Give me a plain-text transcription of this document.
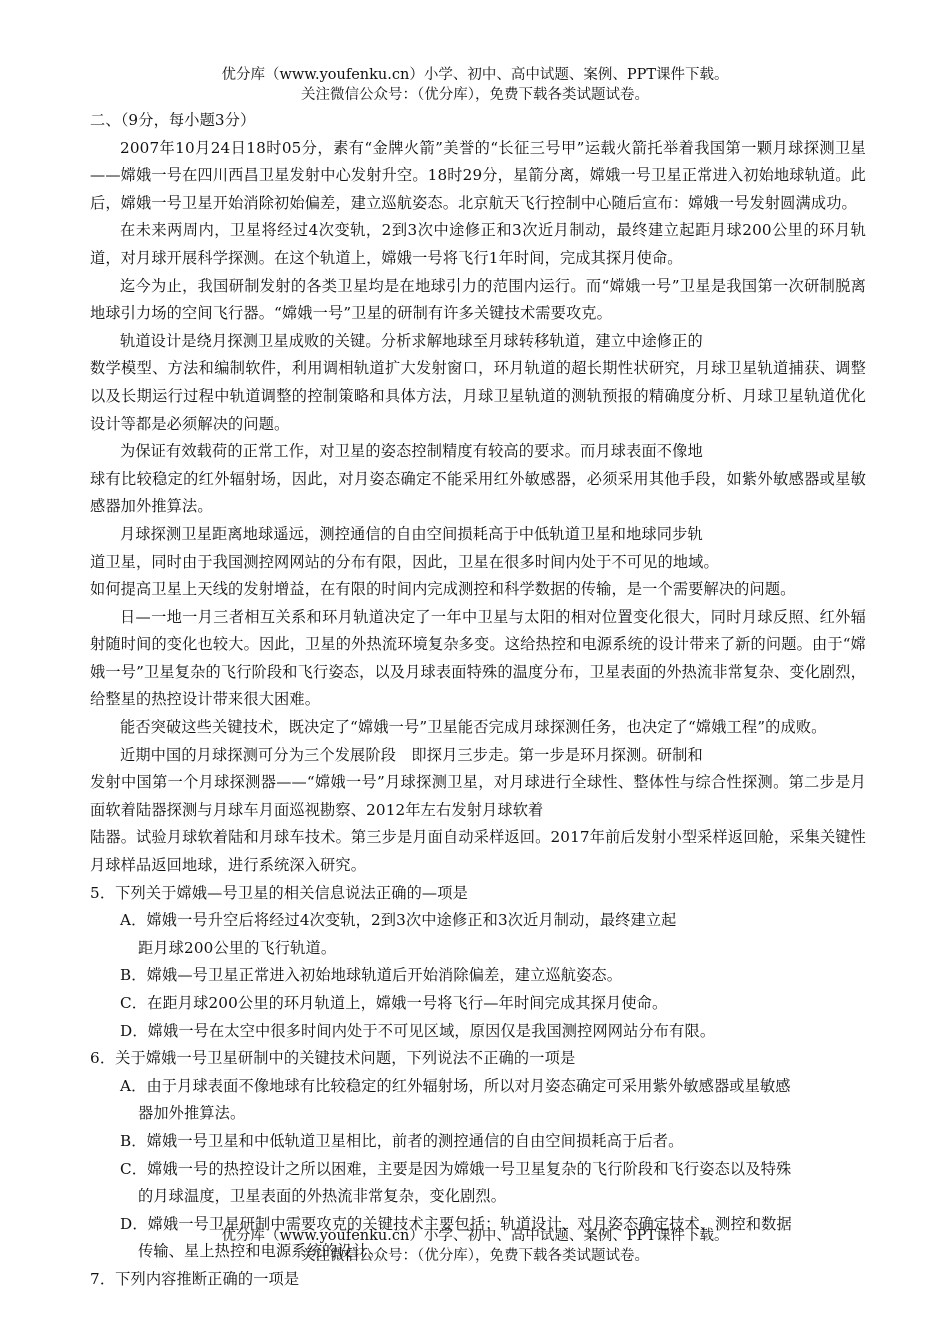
优分库（www.youfenku.cn）小学、初中、高中试题、案例、PPT课件下载。
关注微信公众号：（优分库），免费下载各类试题试卷。

二、（9分，每小题3分）

2007年10月24日18时05分，素有“金牌火箭”美誉的“长征三号甲”运载火箭托举着我国第一颗月球探测卫星——嫦娥一号在四川西昌卫星发射中心发射升空。18时29分，星箭分离，嫦娥一号卫星正常进入初始地球轨道。此后，嫦娥一号卫星开始消除初始偏差，建立巡航姿态。北京航天飞行控制中心随后宣布：嫦娥一号发射圆满成功。

在未来两周内，卫星将经过4次变轨，2到3次中途修正和3次近月制动，最终建立起距月球200公里的环月轨道，对月球开展科学探测。在这个轨道上，嫦娥一号将飞行1年时间，完成其探月使命。

迄今为止，我国研制发射的各类卫星均是在地球引力的范围内运行。而“嫦娥一号”卫星是我国第一次研制脱离地球引力场的空间飞行器。“嫦娥一号”卫星的研制有许多关键技术需要攻克。

轨道设计是绕月探测卫星成败的关键。分析求解地球至月球转移轨道，建立中途修正的

数学模型、方法和编制软件，利用调相轨道扩大发射窗口，环月轨道的超长期性状研究，月球卫星轨道捕获、调整以及长期运行过程中轨道调整的控制策略和具体方法，月球卫星轨道的测轨预报的精确度分析、月球卫星轨道优化设计等都是必须解决的问题。

为保证有效载荷的正常工作，对卫星的姿态控制精度有较高的要求。而月球表面不像地

球有比较稳定的红外辐射场，因此，对月姿态确定不能采用红外敏感器，必须采用其他手段，如紫外敏感器或星敏感器加外推算法。

月球探测卫星距离地球遥远，测控通信的自由空间损耗高于中低轨道卫星和地球同步轨

道卫星，同时由于我国测控网网站的分布有限，因此，卫星在很多时间内处于不可见的地域。

如何提高卫星上天线的发射增益，在有限的时间内完成测控和科学数据的传输，是一个需要解决的问题。

日—一地一月三者相互关系和环月轨道决定了一年中卫星与太阳的相对位置变化很大，同时月球反照、红外辐射随时间的变化也较大。因此，卫星的外热流环境复杂多变。这给热控和电源系统的设计带来了新的问题。由于“嫦娥一号”卫星复杂的飞行阶段和飞行姿态，以及月球表面特殊的温度分布，卫星表面的外热流非常复杂、变化剧烈，给整星的热控设计带来很大困难。

能否突破这些关键技术，既决定了“嫦娥一号”卫星能否完成月球探测任务，也决定了“嫦娥工程”的成败。

近期中国的月球探测可分为三个发展阶段　即探月三步走。第一步是环月探测。研制和

发射中国第一个月球探测器——“嫦娥一号”月球探测卫星，对月球进行全球性、整体性与综合性探测。第二步是月面软着陆器探测与月球车月面巡视勘察、2012年左右发射月球软着

陆器。试验月球软着陆和月球车技术。第三步是月面自动采样返回。2017年前后发射小型采样返回舱，采集关键性月球样品返回地球，进行系统深入研究。

5．下列关于嫦娥—号卫星的相关信息说法正确的—项是

A．嫦娥一号升空后将经过4次变轨，2到3次中途修正和3次近月制动，最终建立起

距月球200公里的飞行轨道。

B．嫦娥—号卫星正常进入初始地球轨道后开始消除偏差，建立巡航姿态。

C．在距月球200公里的环月轨道上，嫦娥一号将飞行—年时间完成其探月使命。

D．嫦娥一号在太空中很多时间内处于不可见区域，原因仅是我国测控网网站分布有限。

6．关于嫦娥一号卫星研制中的关键技术问题，下列说法不正确的一项是

A．由于月球表面不像地球有比较稳定的红外辐射场，所以对月姿态确定可采用紫外敏感器或星敏感

器加外推算法。

B．嫦娥一号卫星和中低轨道卫星相比，前者的测控通信的自由空间损耗高于后者。

C．嫦娥一号的热控设计之所以困难，主要是因为嫦娥一号卫星复杂的飞行阶段和飞行姿态以及特殊

的月球温度，卫星表面的外热流非常复杂，变化剧烈。

D．嫦娥一号卫星研制中需要攻克的关键技术主要包括：轨道设计、对月姿态确定技术、测控和数据

传输、星上热控和电源系统的设计。

7．下列内容推断正确的一项是

优分库（www.youfenku.cn）小学、初中、高中试题、案例、PPT课件下载。
关注微信公众号：（优分库），免费下载各类试题试卷。
